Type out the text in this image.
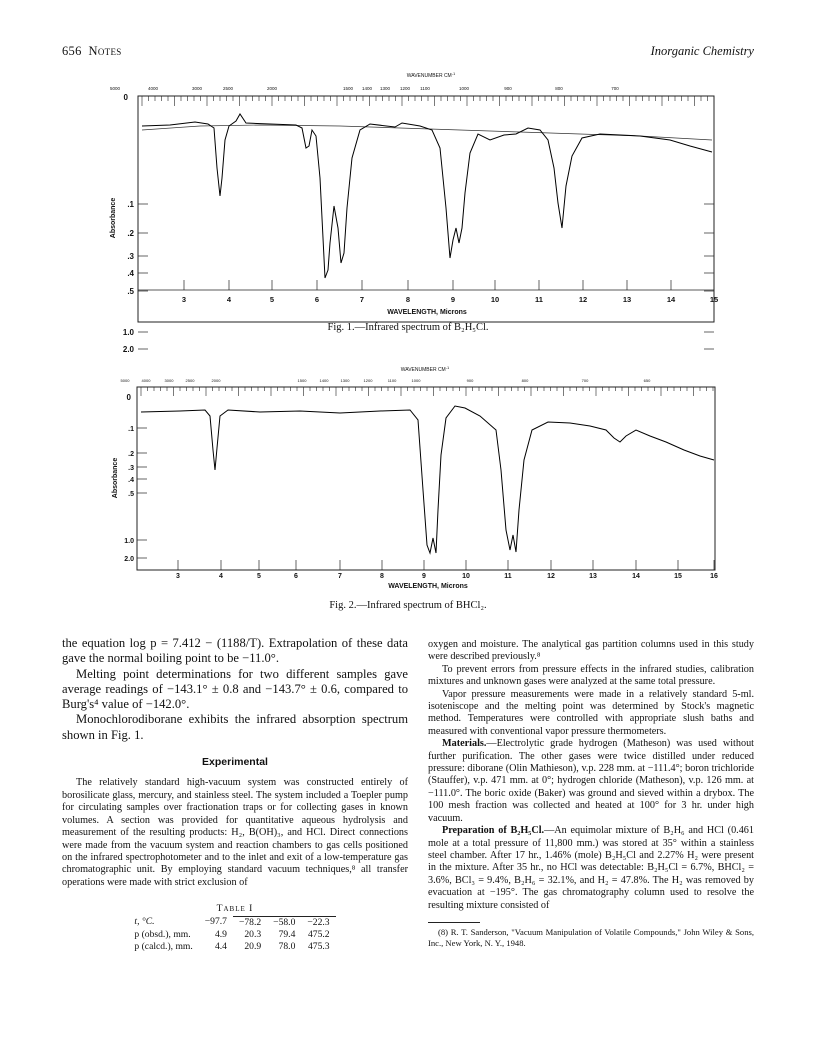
656 Notes	Inorganic Chemistry
WAVENUMBER $CM^{-1}$
5000	4000	3000	2500	2000	1500 1400 1300 1200 1100	1000	900	800	700
.1
.2
.3
.4
.5
1.0
2.0
0
Absorbance
3	4	5	6	7	8	9	10	11	12	13	14	15
WAVELENGTH, Microns
Fig. 1.—Infrared spectrum of B₂H₅Cl.
WAVENUMBER $CM^{-1}$
5000	4000	3000	2500	2000	1500	1400	1300	1200	1100	1000	900	800	700	650
.1
.2
.3
.4
.5
1.0
2.0
0
Absorbance
3	4	5	6	7	8	9	10	11	12	13	14	15	16
WAVELENGTH, Microns
Fig. 2.—Infrared spectrum of BHCl₂.

the equation log p = 7.412 − (1188/T). Extrapolation of these data gave the normal boiling point to be −11.0°.

Melting point determinations for two different samples gave average readings of −143.1° ± 0.8 and −143.7° ± 0.6, compared to Burg's⁴ value of −142.0°.

Monochlorodiborane exhibits the infrared absorption spectrum shown in Fig. 1.

Experimental

The relatively standard high-vacuum system was constructed entirely of borosilicate glass, mercury, and stainless steel. The system included a Toepler pump for circulating samples over fractionation traps or for collecting gases in known volumes. A section was provided for quantitative aqueous hydrolysis and measurement of the resulting products: H₂, B(OH)₃, and HCl. Direct connections were made from the vacuum system and reaction chambers to gas cells positioned on the infrared spectrophotometer and to the inlet and exit of a low-temperature gas chromatographic unit. By employing standard vacuum techniques,⁸ all transfer operations were made with strict exclusion of

Table I

t, °C.	−97.7	−78.2	−58.0	−22.3
p (obsd.), mm.	4.9	20.3	79.4	475.2
p (calcd.), mm.	4.4	20.9	78.0	475.3

oxygen and moisture. The analytical gas partition columns used in this study were described previously.⁸

To prevent errors from pressure effects in the infrared studies, calibration mixtures and unknown gases were analyzed at the same total pressure.

Vapor pressure measurements were made in a relatively standard 5-ml. isoteniscope and the melting point was determined by Stock's magnetic method. Temperatures were controlled with appropriate slush baths and measured with conventional vapor pressure thermometers.

Materials.—Electrolytic grade hydrogen (Matheson) was used without further purification. The other gases were twice distilled under reduced pressure: diborane (Olin Mathieson), v.p. 228 mm. at −111.4°; boron trichloride (Stauffer), v.p. 471 mm. at 0°; hydrogen chloride (Matheson), v.p. 126 mm. at −111.0°. The boric oxide (Baker) was ground and sieved within a drybox. The 100 mesh fraction was collected and heated at 100° for 3 hr. under high vacuum.

Preparation of B₂H₅Cl.—An equimolar mixture of B₂H₆ and HCl (0.461 mole at a total pressure of 11,800 mm.) was stored at 35° within a stainless steel chamber. After 17 hr., 1.46% (mole) B₂H₅Cl and 2.27% H₂ were present in the mixture. After 35 hr., no HCl was detectable: B₂H₅Cl = 6.7%, BHCl₂ = 3.6%, BCl₃ = 9.4%, B₂H₆ = 32.1%, and H₂ = 47.8%. The H₂ was removed by evacuation at −195°. The gas chromatography column used to resolve the resulting mixture consisted of

(8) R. T. Sanderson, "Vacuum Manipulation of Volatile Compounds," John Wiley & Sons, Inc., New York, N. Y., 1948.
